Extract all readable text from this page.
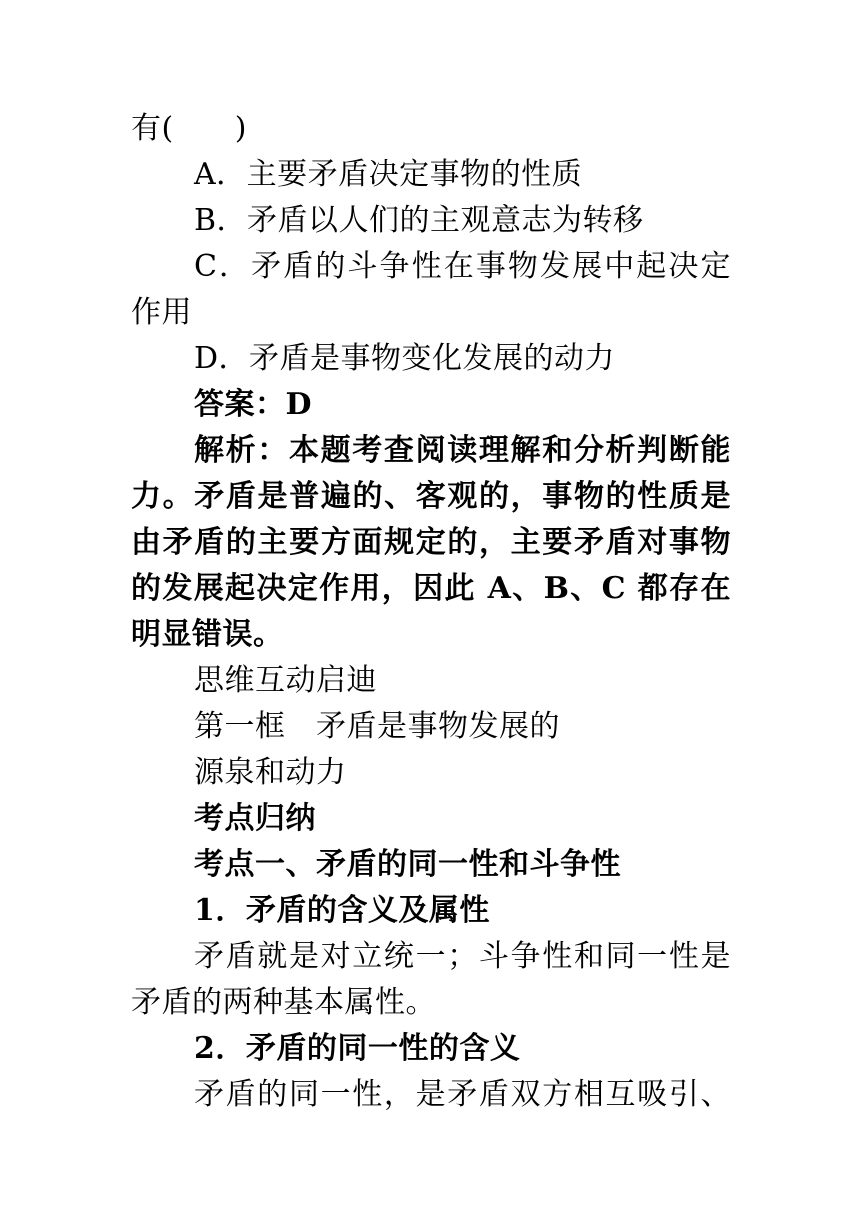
有(　　)
A．主要矛盾决定事物的性质
B．矛盾以人们的主观意志为转移
C．矛盾的斗争性在事物发展中起决定
作用
D．矛盾是事物变化发展的动力
答案：D
解析：本题考查阅读理解和分析判断能
力。矛盾是普遍的、客观的，事物的性质是
由矛盾的主要方面规定的，主要矛盾对事物
的发展起决定作用，因此 A、B、C 都存在
明显错误。
思维互动启迪
第一框　矛盾是事物发展的
源泉和动力
考点归纳
考点一、矛盾的同一性和斗争性
1．矛盾的含义及属性
矛盾就是对立统一；斗争性和同一性是
矛盾的两种基本属性。
2．矛盾的同一性的含义
矛盾的同一性，是矛盾双方相互吸引、
